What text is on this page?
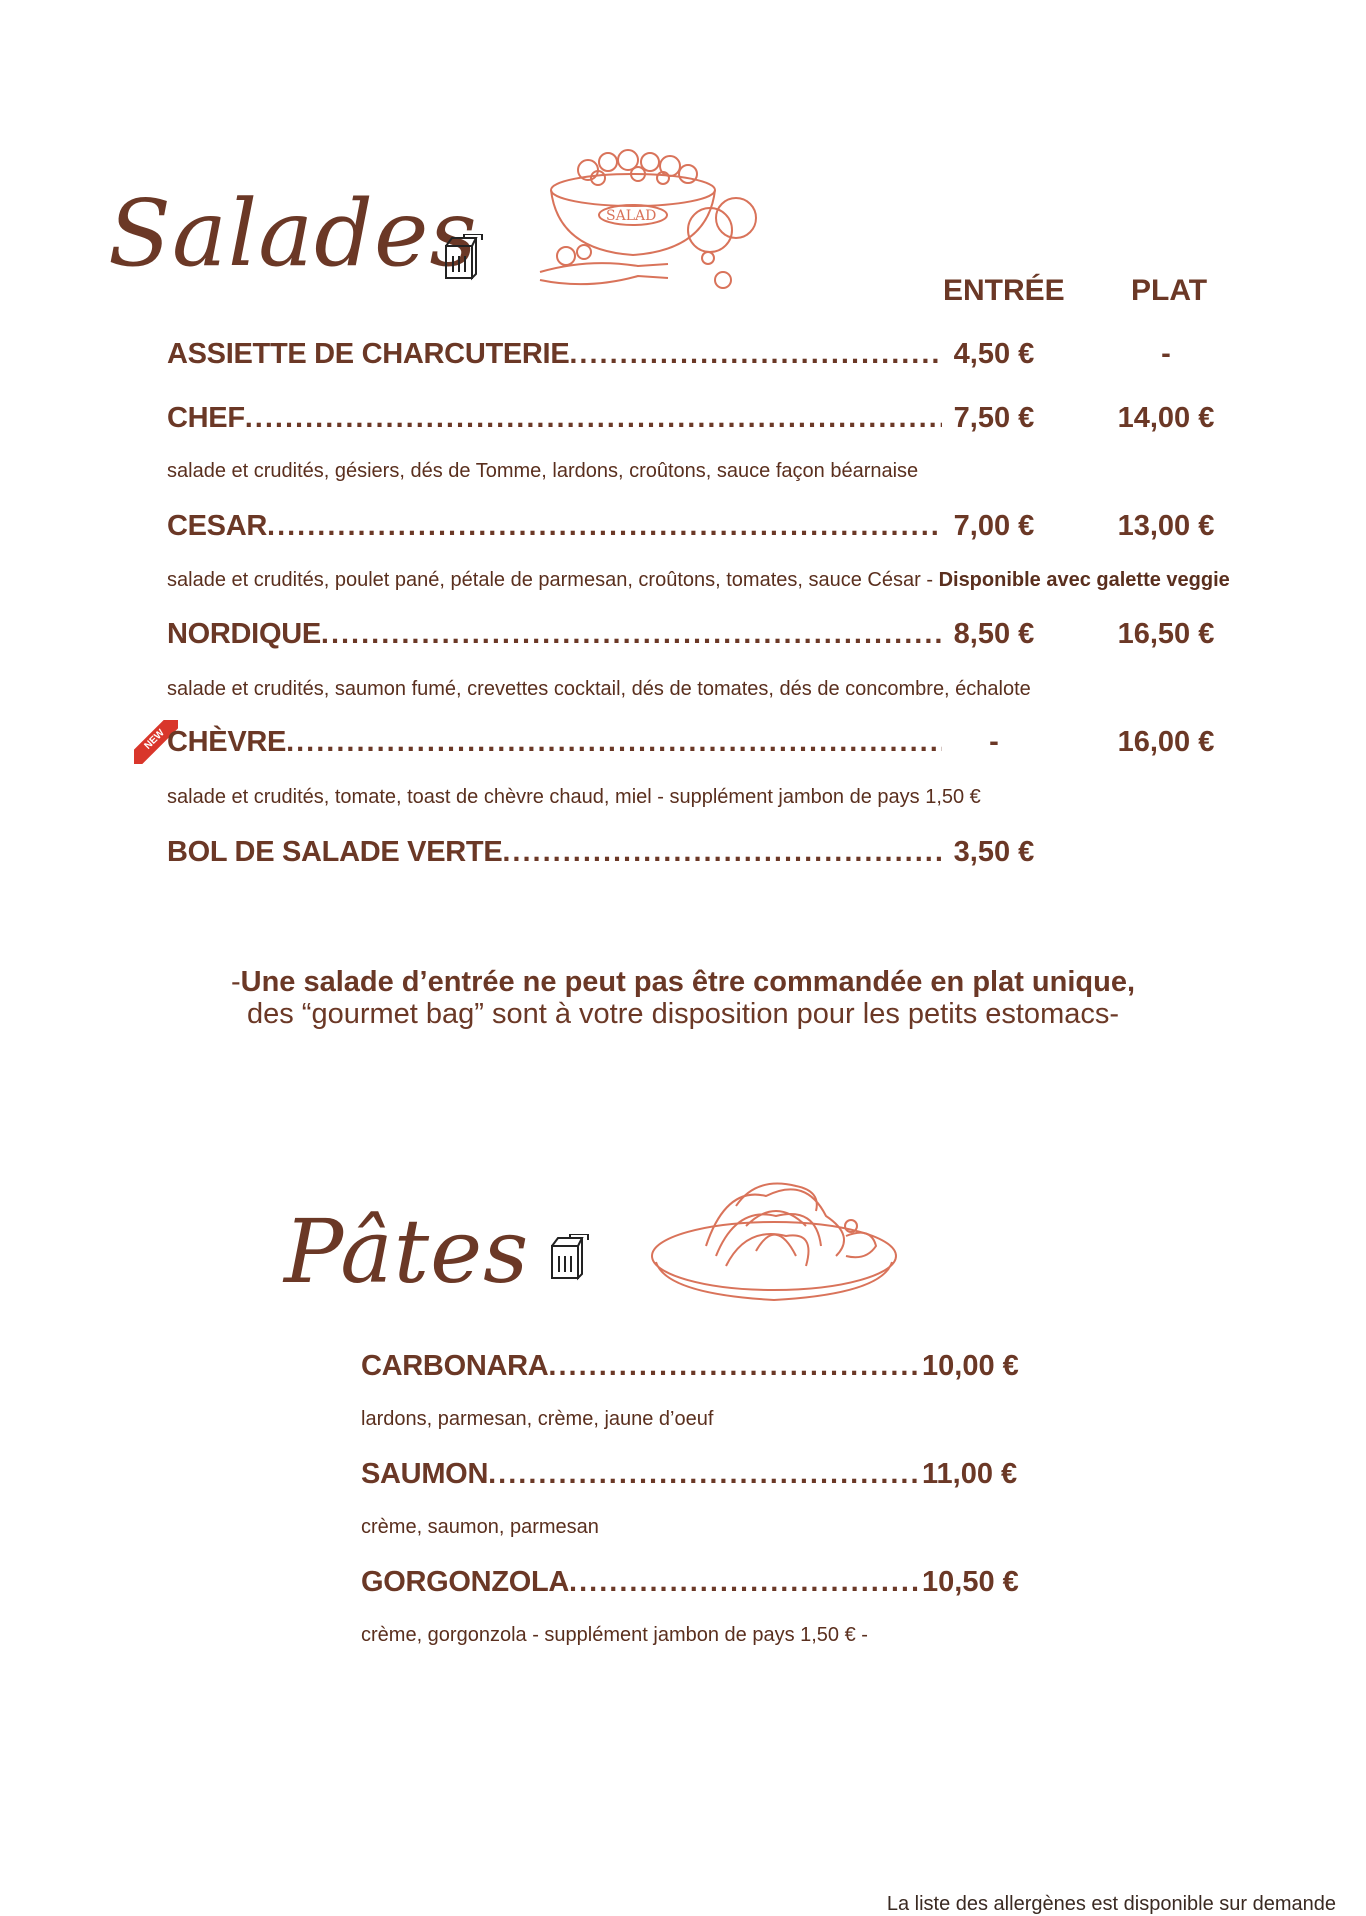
Salades	SALAD
ENTRÉE PLAT
ASSIETTE DE CHARCUTERIE .....	4,50 €	-
CHEF .....	7,50 €	14,00 €
salade et crudités, gésiers, dés de Tomme, lardons, croûtons, sauce façon béarnaise
CESAR .....	7,00 €	13,00 €
salade et crudités, poulet pané, pétale de parmesan, croûtons, tomates, sauce César - Disponible avec galette veggie
NORDIQUE .....	8,50 €	16,50 €
salade et crudités, saumon fumé, crevettes cocktail, dés de tomates, dés de concombre, échalote
NEW CHÈVRE .....	-	16,00 €
salade et crudités, tomate, toast de chèvre chaud, miel - supplément jambon de pays 1,50 €
BOL DE SALADE VERTE .....	3,50 €
-Une salade d’entrée ne peut pas être commandée en plat unique,
des “gourmet bag” sont à votre disposition pour les petits estomacs-
Pâtes
CARBONARA .....	10,00 €
lardons, parmesan, crème, jaune d’oeuf
SAUMON .....	11,00 €
crème, saumon, parmesan
GORGONZOLA .....	10,50 €
crème, gorgonzola - supplément jambon de pays 1,50 € -
La liste des allergènes est disponible sur demande
